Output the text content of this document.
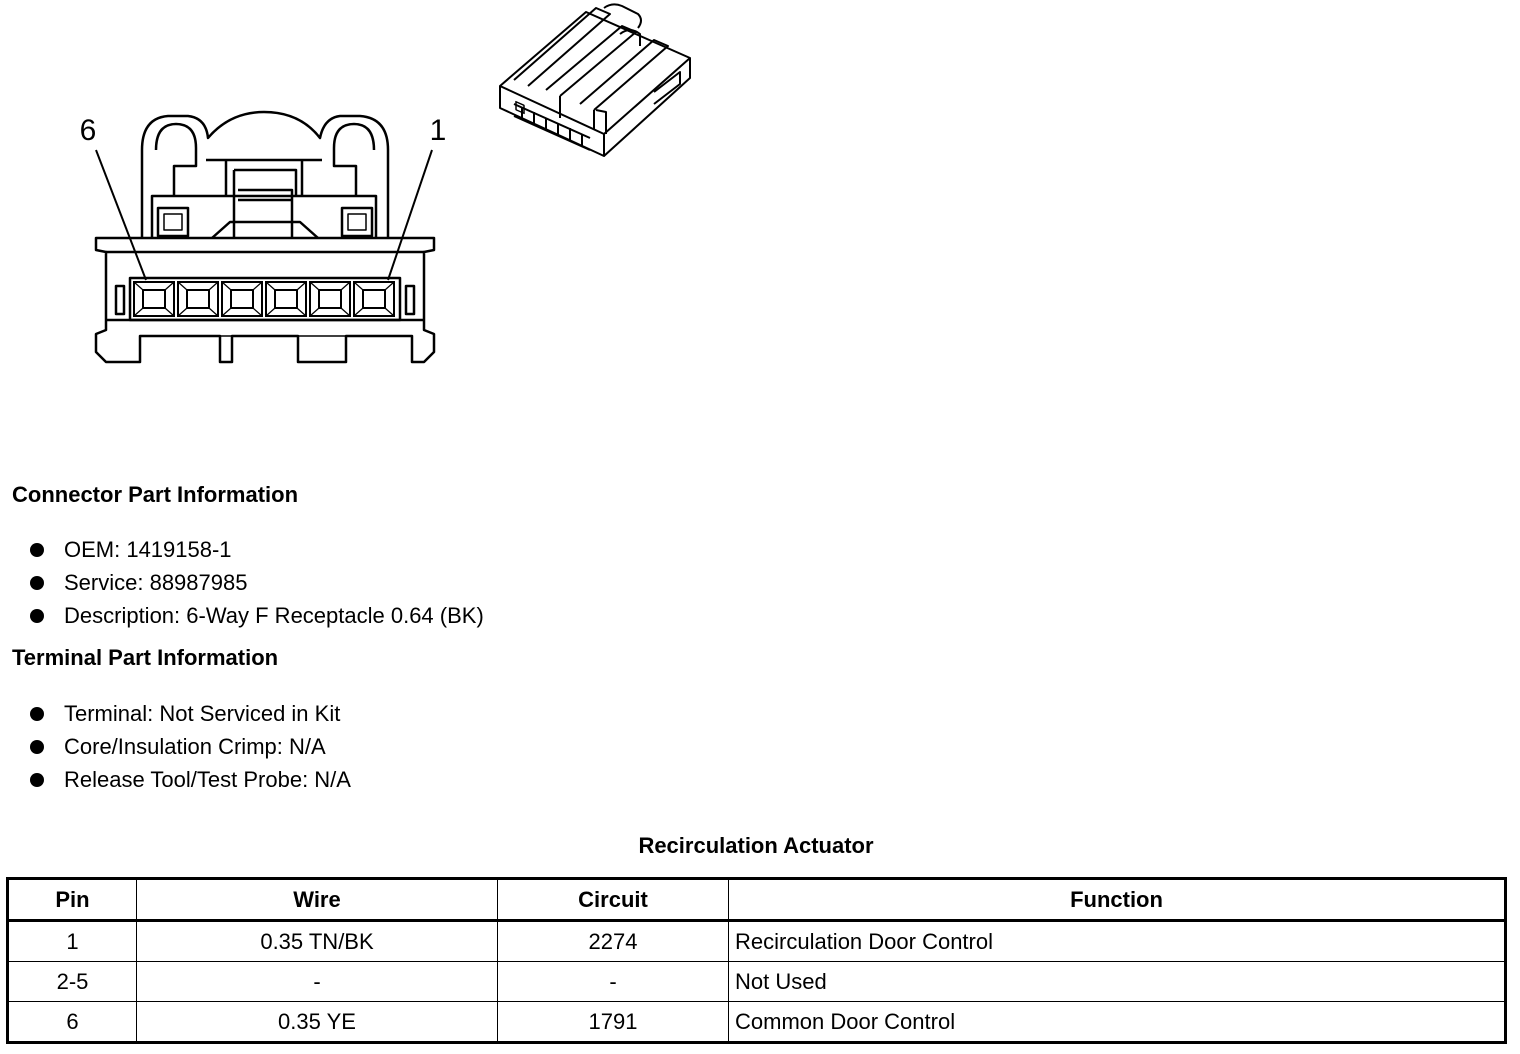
6	1
Connector Part Information
OEM: 1419158-1
Service: 88987985
Description: 6-Way F Receptacle 0.64 (BK)
Terminal Part Information
Terminal: Not Serviced in Kit
Core/Insulation Crimp: N/A
Release Tool/Test Probe: N/A
Recirculation Actuator
Pin	Wire	Circuit	Function
1	0.35 TN/BK	2274	Recirculation Door Control
2-5	-	-	Not Used
6	0.35 YE	1791	Common Door Control
